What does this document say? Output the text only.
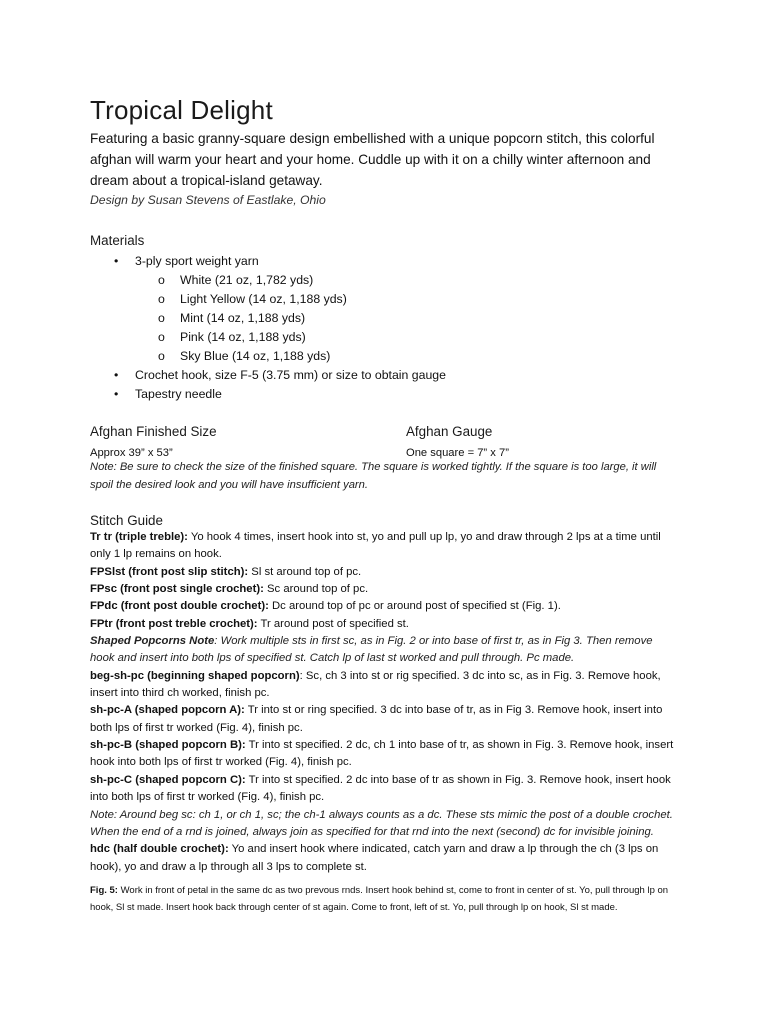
Tropical Delight

Featuring a basic granny-square design embellished with a unique popcorn stitch, this colorful afghan will warm your heart and your home. Cuddle up with it on a chilly winter afternoon and dream about a tropical-island getaway.

Design by Susan Stevens of Eastlake, Ohio

Materials
• 3-ply sport weight yarn
o White (21 oz, 1,782 yds)
o Light Yellow (14 oz, 1,188 yds)
o Mint (14 oz, 1,188 yds)
o Pink (14 oz, 1,188 yds)
o Sky Blue (14 oz, 1,188 yds)
• Crochet hook, size F-5 (3.75 mm) or size to obtain gauge
• Tapestry needle
Afghan Finished Size

Approx 39” x 53”

Afghan Gauge

One square = 7” x 7”

Note: Be sure to check the size of the finished square. The square is worked tightly. If the square is too large, it will spoil the desired look and you will have insufficient yarn.

Stitch Guide

Tr tr (triple treble): Yo hook 4 times, insert hook into st, yo and pull up lp, yo and draw through 2 lps at a time until only 1 lp remains on hook.

FPSlst (front post slip stitch): Sl st around top of pc.

FPsc (front post single crochet): Sc around top of pc.

FPdc (front post double crochet): Dc around top of pc or around post of specified st (Fig. 1).

FPtr (front post treble crochet): Tr around post of specified st.

Shaped Popcorns Note: Work multiple sts in first sc, as in Fig. 2 or into base of first tr, as in Fig 3. Then remove hook and insert into both lps of specified st. Catch lp of last st worked and pull through. Pc made.

beg-sh-pc (beginning shaped popcorn): Sc, ch 3 into st or rig specified. 3 dc into sc, as in Fig. 3. Remove hook, insert into third ch worked, finish pc.

sh-pc-A (shaped popcorn A): Tr into st or ring specified. 3 dc into base of tr, as in Fig 3. Remove hook, insert into both lps of first tr worked (Fig. 4), finish pc.

sh-pc-B (shaped popcorn B): Tr into st specified. 2 dc, ch 1 into base of tr, as shown in Fig. 3. Remove hook, insert hook into both lps of first tr worked (Fig. 4), finish pc.

sh-pc-C (shaped popcorn C): Tr into st specified. 2 dc into base of tr as shown in Fig. 3. Remove hook, insert hook into both lps of first tr worked (Fig. 4), finish pc.

Note: Around beg sc: ch 1, or ch 1, sc; the ch-1 always counts as a dc. These sts mimic the post of a double crochet. When the end of a rnd is joined, always join as specified for that rnd into the next (second) dc for invisible joining.

hdc (half double crochet): Yo and insert hook where indicated, catch yarn and draw a lp through the ch (3 lps on hook), yo and draw a lp through all 3 lps to complete st.

Fig. 5: Work in front of petal in the same dc as two prevous rnds. Insert hook behind st, come to front in center of st. Yo, pull through lp on hook, Sl st made. Insert hook back through center of st again. Come to front, left of st. Yo, pull through lp on hook, Sl st made.
